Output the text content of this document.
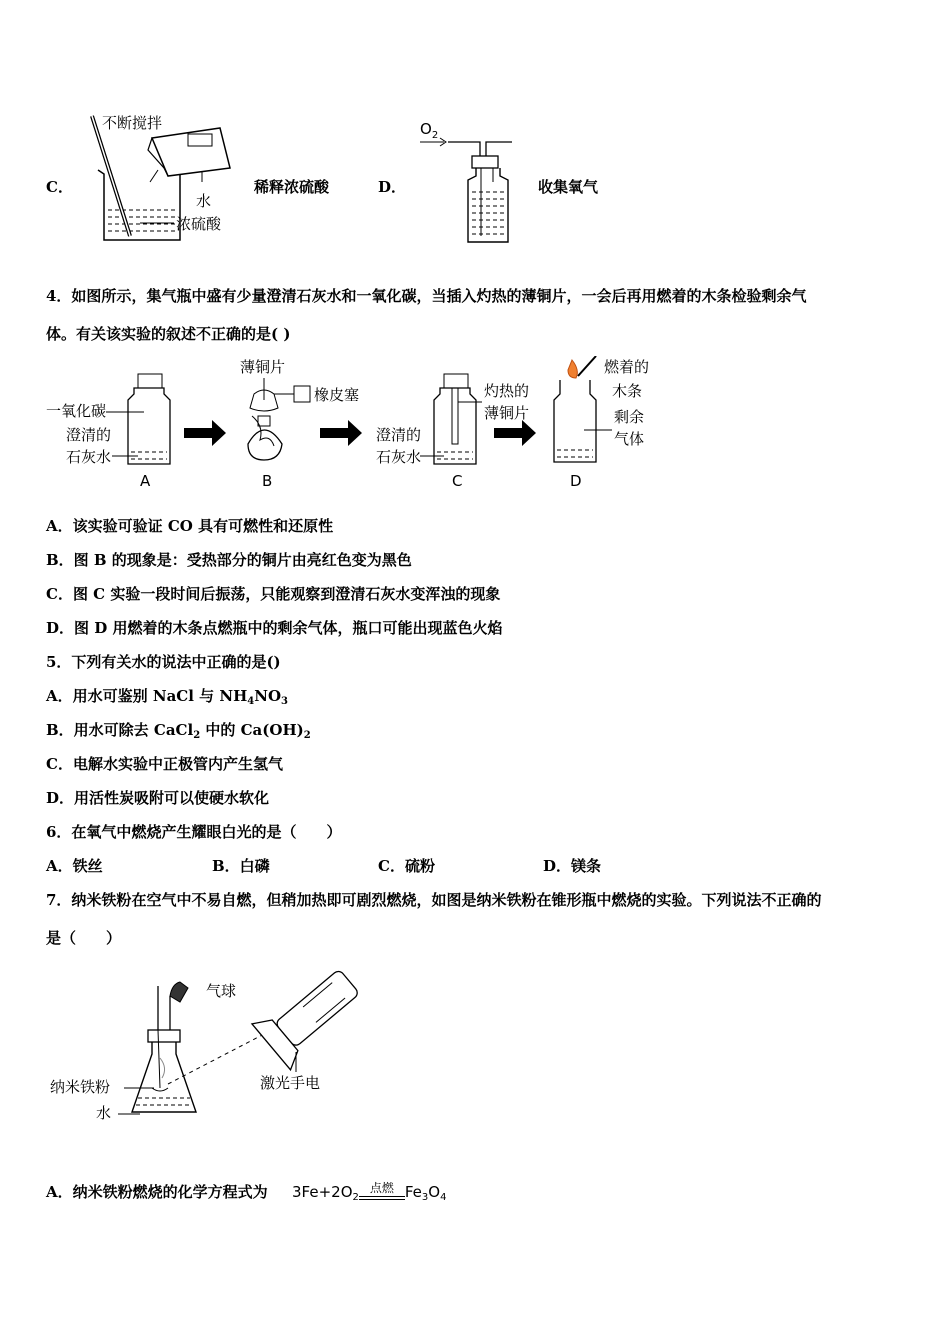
C．
不断搅拌
水
浓硫酸
稀释浓硫酸	D．
$O_2$
收集氧气
4．如图所示，集气瓶中盛有少量澄清石灰水和一氧化碳，当插入灼热的薄铜片，一会后再用燃着的木条检验剩余气
体。有关该实验的叙述不正确的是( )
一氧化碳
澄清的
石灰水
A
薄铜片
橡皮塞
B
澄清的
石灰水
灼热的
薄铜片
C
燃着的
木条
剩余
气体
D
A．该实验可验证 CO 具有可燃性和还原性
B．图 B 的现象是：受热部分的铜片由亮红色变为黑色
C．图 C 实验一段时间后振荡，只能观察到澄清石灰水变浑浊的现象
D．图 D 用燃着的木条点燃瓶中的剩余气体，瓶口可能出现蓝色火焰
5．下列有关水的说法中正确的是()
A．用水可鉴别 NaCl 与 $NH_4NO_3$
B．用水可除去 CaCl$_2$ 中的 $Ca(OH)_2$
C．电解水实验中正极管内产生氢气
D．用活性炭吸附可以使硬水软化
6．在氧气中燃烧产生耀眼白光的是（　　）
A．铁丝	B．白磷	C．硫粉	D．镁条
7．纳米铁粉在空气中不易自燃，但稍加热即可剧烈燃烧，如图是纳米铁粉在锥形瓶中燃烧的实验。下列说法不正确的
是（　　）
气球
纳米铁粉
水
激光手电
A．纳米铁粉燃烧的化学方程式为 $3Fe+2O_2$
点燃 $Fe_3O_4$
